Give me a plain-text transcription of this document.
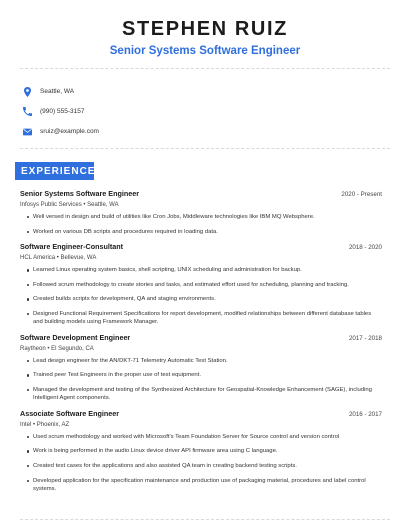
STEPHEN RUIZ
Senior Systems Software Engineer
Seattle, WA
(990) 555-3157
sruiz@example.com
EXPERIENCE
Senior Systems Software Engineer	2020 - Present
Infosys Public Services • Seattle, WA
Well versed in design and build of utilities like Cron Jobs, Middleware technologies like IBM MQ Websphere.
Worked on various DB scripts and procedures required in loading data.
Software Engineer-Consultant	2018 - 2020
HCL America • Bellevue, WA
Learned Linux operating system basics, shell scripting, UNIX scheduling and administration for backup.
Followed scrum methodology to create stories and tasks, and estimated effort used for scheduling, planning and tracking.
Created builds scripts for development, QA and staging environments.
Designed Functional Requirement Specifications for report development, modified relationships between different database tables and building models using Framework Manager.
Software Development Engineer	2017 - 2018
Raytheon • El Segundo, CA
Lead design engineer for the AN/DKT-71 Telemetry Automatic Test Station.
Trained peer Test Engineers in the proper use of test equipment.
Managed the development and testing of the Synthesized Architecture for Geospatial-Knowledge Enhancement (SAGE), including Intelligent Agent components.
Associate Software Engineer	2016 - 2017
Intel • Phoenix, AZ
Used scrum methodology and worked with Microsoft's Team Foundation Server for Source control and version control
Work is being performed in the audio Linux device driver API firmware area using C language.
Created test cases for the applications and also assisted QA team in creating backend testing scripts.
Developed application for the specification maintenance and production use of packaging material, procedures and label control systems.
